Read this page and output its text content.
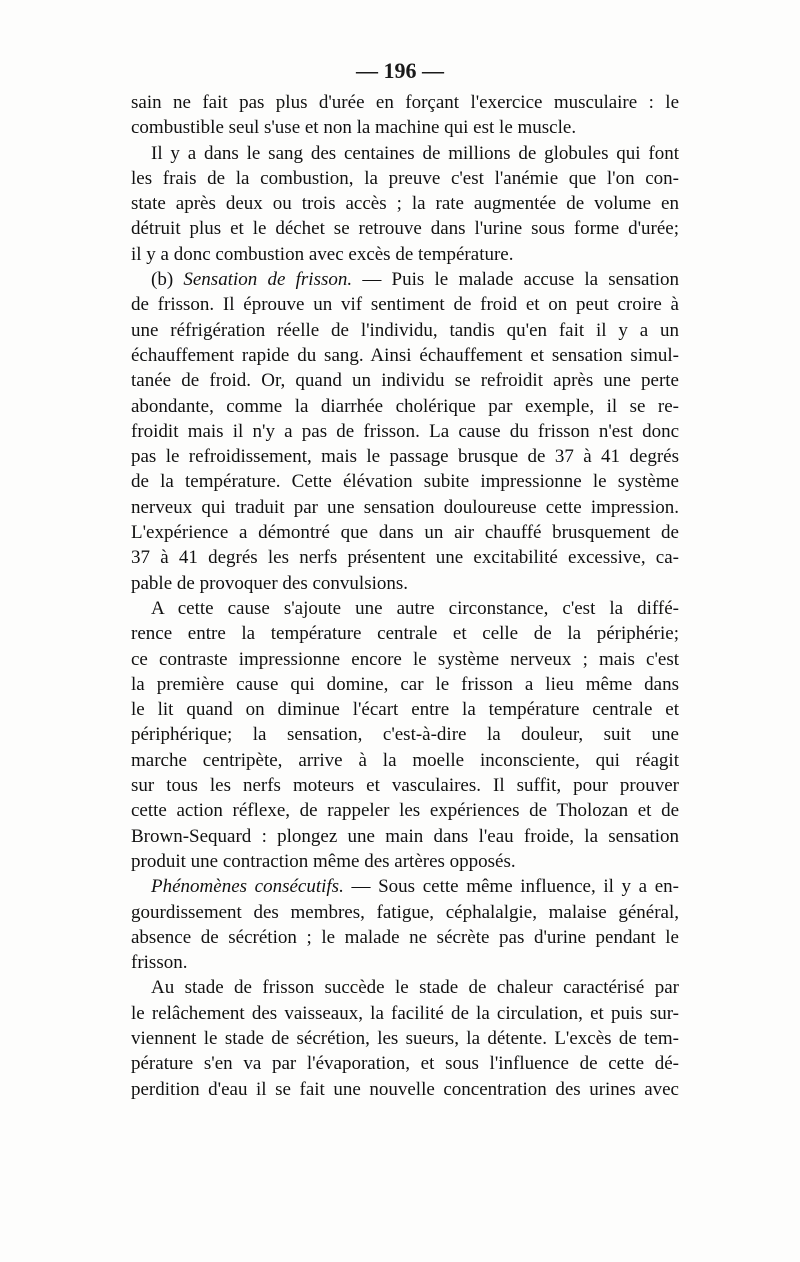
— 196 —
sain ne fait pas plus d'urée en forçant l'exercice musculaire : le
combustible seul s'use et non la machine qui est le muscle.
Il y a dans le sang des centaines de millions de globules qui font
les frais de la combustion, la preuve c'est l'anémie que l'on con-
state après deux ou trois accès ; la rate augmentée de volume en
détruit plus et le déchet se retrouve dans l'urine sous forme d'urée;
il y a donc combustion avec excès de température.
(b) Sensation de frisson. — Puis le malade accuse la sensation
de frisson. Il éprouve un vif sentiment de froid et on peut croire à
une réfrigération réelle de l'individu, tandis qu'en fait il y a un
échauffement rapide du sang. Ainsi échauffement et sensation simul-
tanée de froid. Or, quand un individu se refroidit après une perte
abondante, comme la diarrhée cholérique par exemple, il se re-
froidit mais il n'y a pas de frisson. La cause du frisson n'est donc
pas le refroidissement, mais le passage brusque de 37 à 41 degrés
de la température. Cette élévation subite impressionne le système
nerveux qui traduit par une sensation douloureuse cette impression.
L'expérience a démontré que dans un air chauffé brusquement de
37 à 41 degrés les nerfs présentent une excitabilité excessive, ca-
pable de provoquer des convulsions.
A cette cause s'ajoute une autre circonstance, c'est la diffé-
rence entre la température centrale et celle de la périphérie;
ce contraste impressionne encore le système nerveux ; mais c'est
la première cause qui domine, car le frisson a lieu même dans
le lit quand on diminue l'écart entre la température centrale et
périphérique; la sensation, c'est-à-dire la douleur, suit une
marche centripète, arrive à la moelle inconsciente, qui réagit
sur tous les nerfs moteurs et vasculaires. Il suffit, pour prouver
cette action réflexe, de rappeler les expériences de Tholozan et de
Brown-Sequard : plongez une main dans l'eau froide, la sensation
produit une contraction même des artères opposés.
Phénomènes consécutifs. — Sous cette même influence, il y a en-
gourdissement des membres, fatigue, céphalalgie, malaise général,
absence de sécrétion ; le malade ne sécrète pas d'urine pendant le
frisson.
Au stade de frisson succède le stade de chaleur caractérisé par
le relâchement des vaisseaux, la facilité de la circulation, et puis sur-
viennent le stade de sécrétion, les sueurs, la détente. L'excès de tem-
pérature s'en va par l'évaporation, et sous l'influence de cette dé-
perdition d'eau il se fait une nouvelle concentration des urines avec
